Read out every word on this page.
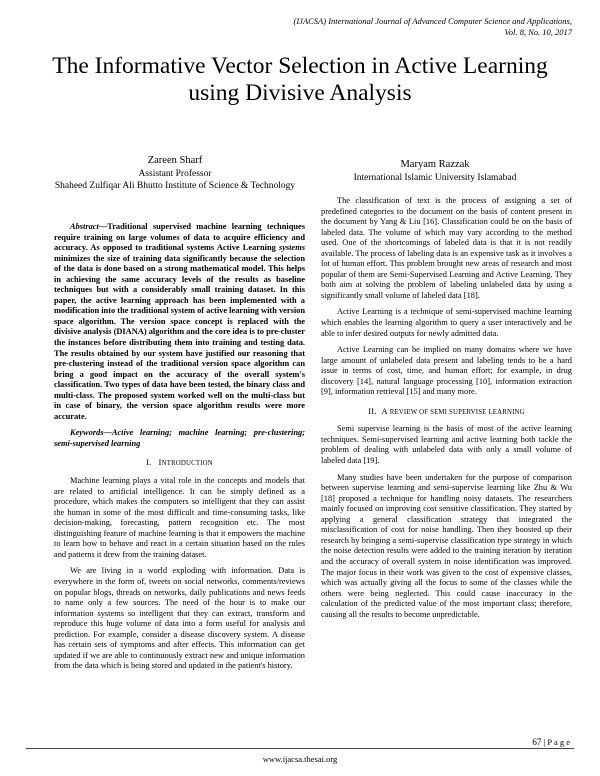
(IJACSA) International Journal of Advanced Computer Science and Applications,
Vol. 8, No. 10, 2017
The Informative Vector Selection in Active Learning using Divisive Analysis
Zareen Sharf
Assistant Professor
Shaheed Zulfiqar Ali Bhutto Institute of Science & Technology
Maryam Razzak
International Islamic University Islamabad

Abstract—Traditional supervised machine learning techniques require training on large volumes of data to acquire efficiency and accuracy. As opposed to traditional systems Active Learning systems minimizes the size of training data significantly because the selection of the data is done based on a strong mathematical model. This helps in achieving the same accuracy levels of the results as baseline techniques but with a considerably small training dataset. In this paper, the active learning approach has been implemented with a modification into the traditional system of active learning with version space algorithm. The version space concept is replaced with the divisive analysis (DIANA) algorithm and the core idea is to pre-cluster the instances before distributing them into training and testing data. The results obtained by our system have justified our reasoning that pre-clustering instead of the traditional version space algorithm can bring a good impact on the accuracy of the overall system's classification. Two types of data have been tested, the binary class and multi-class. The proposed system worked well on the multi-class but in case of binary, the version space algorithm results were more accurate.

Keywords—Active learning; machine learning; pre-clustering; semi-supervised learning

I. INTRODUCTION

Machine learning plays a vital role in the concepts and models that are related to artificial intelligence. It can be simply defined as a procedure, which makes the computers so intelligent that they can assist the human in some of the most difficult and time-consuming tasks, like decision-making, forecasting, pattern recognition etc. The most distinguishing feature of machine learning is that it empowers the machine to learn how to behave and react in a certain situation based on the rules and patterns it drew from the training dataset.

We are living in a world exploding with information. Data is everywhere in the form of, tweets on social networks, comments/reviews on popular blogs, threads on networks, daily publications and news feeds to name only a few sources. The need of the hour is to make our information systems so intelligent that they can extract, transform and reproduce this huge volume of data into a form useful for analysis and prediction. For example, consider a disease discovery system. A disease has certain sets of symptoms and after effects. This information can get updated if we are able to continuously extract new and unique information from the data which is being stored and updated in the patient's history.

The classification of text is the process of assigning a set of predefined categories to the document on the basis of content present in the document by Yang & Liu [16]. Classification could be on the basis of labeled data. The volume of which may vary according to the method used. One of the shortcomings of labeled data is that it is not readily available. The process of labeling data is an expensive task as it involves a lot of human effort. This problem brought new areas of research and most popular of them are Semi-Supervised Learning and Active Learning. They both aim at solving the problem of labeling unlabeled data by using a significantly small volume of labeled data [18].

Active Learning is a technique of semi-supervised machine learning which enables the learning algorithm to query a user interactively and be able to infer desired outputs for newly admitted data.

Active Learning can be implied on many domains where we have large amount of unlabeled data present and labeling tends to be a hard issue in terms of cost, time, and human effort; for example, in drug discovery [14], natural language processing [10], information extraction [9], information retrieval [15] and many more.

II. A REVIEW OF SEMI SUPERVISE LEARNING

Semi supervise learning is the basis of most of the active learning techniques. Semi-supervised learning and active learning both tackle the problem of dealing with unlabeled data with only a small volume of labeled data [19].

Many studies have been undertaken for the purpose of comparison between supervise learning and semi-supervise learning like Zhu & Wu [18] proposed a technique for handling noisy datasets. The researchers mainly focused on improving cost sensitive classification. They started by applying a general classification strategy that integrated the misclassification of cost for noise handling. Then they boosted up their research by bringing a semi-supervise classification type strategy in which the noise detection results were added to the training iteration by iteration and the accuracy of overall system in noise identification was improved. The major focus in their work was given to the cost of expensive classes, which was actually giving all the focus to some of the classes while the others were being neglected. This could cause inaccuracy in the calculation of the predicted value of the most important class; therefore, causing all the results to become unpredictable.

67 | P a g e
www.ijacsa.thesai.org
